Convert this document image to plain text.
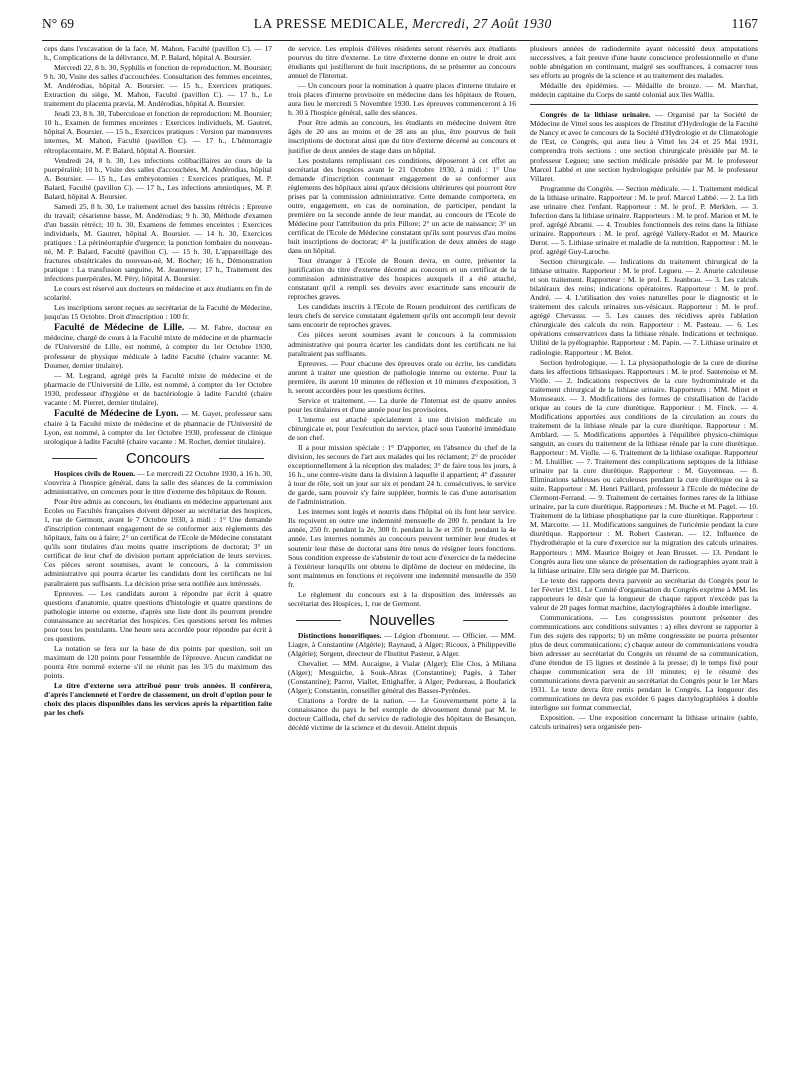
N° 69	LA PRESSE MEDICALE, Mercredi, 27 Août 1930	1167

ceps dans l'excavation de la face, M. Mahon, Faculté (pavillon C). — 17 h., Complications de la délivrance, M. P. Balard, hôpital A. Boursier.

Mercredi 22, 8 h. 30, Syphilis et fonction de reproduction, M. Boursier; 9 h. 30, Visite des salles d'accouchées. Consultation des femmes enceintes, M. Andérodias, hôpital A. Boursier. — 15 h., Exercices pratiques. Extraction du siège, M. Mahon, Faculté (pavillon C). — 17 h., Le traitement du placenta prævia, M. Andérodias, hôpital A. Boursier.

Jeudi 23, 8 h. 30, Tuberculose et fonction de reproduction; M. Boursier; 10 h., Examen de femmes enceintes : Exercices individuels, M. Gautret, hôpital A. Boursier. — 15 h., Exercices pratiques : Version par manœuvres internes, M. Mahon, Faculté (pavillon C). — 17 h., L'hémorragie rétroplacentaire, M. P. Balard, hôpital A. Boursier.

Vendredi 24, 8 h. 30, Les infections colibacillaires au cours de la puerpéralité; 10 h., Visite des salles d'accouchées, M. Andérodias, hôpital A. Boursier. — 15 h., Les embryotomies : Exercices pratiques, M. P. Balard, Faculté (pavillon C). — 17 h., Les infections amniotiques, M. P. Balard, hôpital A. Boursier.

Samedi 25, 8 h. 30, Le traitement actuel des bassins rétrécis : Epreuve du travail; césarienne basse, M. Andérodias; 9 h. 30, Méthode d'examen d'un bassin rétréci; 10 h. 30, Examens de femmes enceintes : Exercices individuels, M. Gautret, hôpital A. Boursier. — 14 h. 30, Exercices pratiques : La périnéorraphie d'urgence; la ponction lombaire du nouveau-né, M. P. Balard, Faculté (pavillon C). — 15 h. 30, L'appareillage des fractures obstétricales du nouveau-né, M. Rocher; 16 h., Démonstration pratique : La transfusion sanguine, M. Jeanneney; 17 h., Traitement des infections puerpérales, M. Péry, hôpital A. Boursier.

Le cours est réservé aux docteurs en médecine et aux étudiants en fin de scolarité.

Les inscriptions seront reçues au secrétariat de la Faculté de Médecine, jusqu'au 15 Octobre. Droit d'inscription : 100 fr.

Faculté de Médecine de Lille. — M. Fabre, docteur en médecine, chargé de cours à la Faculté mixte de médecine et de pharmacie de l'Université de Lille, est nommé, à compter du 1er Octobre 1930, professeur de physique médicale à ladite Faculté (chaire vacante: M. Doumer, dernier titulaire).

— M. Legrand, agrégé près la Faculté mixte de médecine et de pharmacie de l'Université de Lille, est nommé, à compter du 1er Octobre 1930, professeur d'hygiène et de bactériologie à ladite Faculté (chaire vacante : M. Pierret, dernier titulaire).

Faculté de Médecine de Lyon. — M. Gayet, professeur sans chaire à la Faculté mixte de médecine et de pharmacie de l'Université de Lyon, est nommé, à compter du 1er Octobre 1930, professeur de clinique urologique à ladite Faculté (chaire vacante : M. Rochet, dernier titulaire).

Concours

Hospices civils de Rouen. — Le mercredi 22 Octobre 1930, à 16 h. 30, s'ouvrira à l'hospice général, dans la salle des séances de la commission administrative, un concours pour le titre d'externe des hôpitaux de Rouen.

Pour être admis au concours, les étudiants en médecine appartenant aux Ecoles ou Facultés françaises doivent déposer au secrétariat des hospices, 1, rue de Germont, avant le 7 Octobre 1930, à midi : 1° Une demande d'inscription contenant engagement de se conformer aux règlements des hôpitaux, faits ou à faire; 2° un certificat de l'Ecole de Médecine constatant qu'ils sont titulaires d'au moins quatre inscriptions de doctorat; 3° un certificat de leur chef de division portant appréciation de leurs services. Ces pièces seront soumises, avant le concours, à la commission administrative qui pourra écarter les candidats dont les certificats ne lui paraîtraient pas suffisants. La décision prise sera notifiée aux intéressés.

Epreuves. — Les candidats auront à répondre par écrit à quatre questions d'anatomie, quatre questions d'histologie et quatre questions de pathologie interne ou externe, d'après une liste dont ils pourront prendre connaissance au secrétariat des hospices. Ces questions seront les mêmes pour tous les postulants. Une heure sera accordée pour répondre par écrit à ces questions.

La notation se fera sur la base de dix points par question, soit un maximum de 120 points pour l'ensemble de l'épreuve. Aucun candidat ne pourra être nommé externe s'il ne réunit pas les 3/5 du maximum des points.

Le titre d'externe sera attribué pour trois années. Il conférera, d'après l'ancienneté et l'ordre de classement, un droit d'option pour le choix des places disponibles dans les services après la répartition faite par les chefs

de service. Les emplois d'élèves résidents seront réservés aux étudiants pourvus du titre d'externe. Le titre d'externe donne en outre le droit aux étudiants qui justifieront de huit inscriptions, de se présenter au concours annuel de l'Internat.

— Un concours pour la nomination à quatre places d'interne titulaire et trois places d'interne provisoire en médecine dans les hôpitaux de Rouen, aura lieu le mercredi 5 Novembre 1930. Les épreuves commenceront à 16 h. 30 à l'hospice général, salle des séances.

Pour être admis au concours, les étudiants en médecine doivent être âgés de 20 ans au moins et de 28 ans au plus, être pourvus de huit inscriptions de doctorat ainsi que du titre d'externe décerné au concours et justifier de deux années de stage dans un hôpital.

Les postulants remplissant ces conditions, déposeront à cet effet au secrétariat des hospices avant le 21 Octobre 1930, à midi : 1° Une demande d'inscription contenant engagement de se conformer aux règlements des hôpitaux ainsi qu'aux décisions ultérieures qui pourront être prises par la commission administrative. Cette demande comportera, en outre, engagement, en cas de nomination, de participer, pendant la première ou la seconde année de leur mandat, au concours de l'Ecole de Médecine pour l'attribution du prix Pillore; 2° un acte de naissance; 3° un certificat de l'Ecole de Médecine constatant qu'ils sont pourvus d'au moins huit inscriptions de doctorat; 4° la justification de deux années de stage dans un hôpital.

Tout étranger à l'Ecole de Rouen devra, en outre, présenter la justification du titre d'externe décerné au concours et un certificat de la commission administrative des hospices auxquels il a été attaché, constatant qu'il a rempli ses devoirs avec exactitude sans encourir de reproches graves.

Les candidats inscrits à l'Ecole de Rouen produiront des certificats de leurs chefs de service constatant également qu'ils ont accompli leur devoir sans encourir de reproches graves.

Ces pièces seront soumises avant le concours à la commission administrative qui pourra écarter les candidats dont les certificats ne lui paraîtraient pas suffisants.

Epreuves. — Pour chacune des épreuves orale ou écrite, les candidats auront à traiter une question de pathologie interne ou externe. Pour la première, ils auront 10 minutes de réflexion et 10 minutes d'exposition, 3 h. seront accordées pour les questions écrites.

Service et traitement. — La durée de l'Internat est de quatre années pour les titulaires et d'une année pour les provisoires.

L'interne est attaché spécialement à une division médicale ou chirurgicale et, pour l'exécution du service, placé sous l'autorité immédiate de son chef.

Il a pour mission spéciale : 1° D'apporter, en l'absence du chef de la division, les secours de l'art aux malades qui les réclament; 2° de procéder exceptionnellement à la réception des malades; 3° de faire tous les jours, à 16 h., une contre-visite dans la division à laquelle il appartient; 4° d'assurer à tour de rôle, soit un jour sur six et pendant 24 h. consécutives, le service de garde, sans pouvoir s'y faire suppléer, hormis le cas d'une autorisation de l'administration.

Les internes sont logés et nourris dans l'hôpital où ils font leur service. Ils reçoivent en outre une indemnité mensuelle de 200 fr. pendant la 1re année, 250 fr. pendant la 2e, 300 fr. pendant la 3e et 350 fr. pendant la 4e année. Les internes nommés au concours peuvent terminer leur études et soutenir leur thèse de doctorat sans être tenus de résigner leurs fonctions. Sous condition expresse de s'abstenir de tout acte d'exercice de la médecine à l'extérieur lorsqu'ils ont obtenu le diplôme de docteur en médecine, ils sont maintenus en fonctions et reçoivent une indemnité mensuelle de 350 fr.

Le règlement du concours est à la disposition des intéressés au secrétariat des Hospices, 1, rue de Germont.

Nouvelles

Distinctions honorifiques. — Légion d'honneur. — Officier. — MM. Liagre, à Constantine (Algérie); Raynaud, à Alger; Ricoux, à Philippeville (Algérie); Sergent, directeur de l'Institut Pasteur, à Alger.

Chevalier. — MM. Aucaigne, à Vialar (Alger); Elie Clos, à Miliana (Alger); Mesguiche, à Souk-Ahras (Constantine); Pagès, à Taher (Constantine); Parrot, Viallet, Ettighaffer, à Alger; Pedureau, à Boufarick (Alger); Constantin, conseiller général des Basses-Pyrénées.

Citations a l'ordre de la nation. — Le Gouvernement porte à la connaissance du pays le bel exemple de dévouement donné par M. le docteur Cailloda, chef du service de radiologie des hôpitaux de Besançon, décédé victime de la science et du devoir. Atteint depuis

plusieurs années de radiodermite ayant nécessité deux amputations successives, a fait preuve d'une haute conscience professionnelle et d'une noble abnégation en continuant, malgré ses souffrances, à consacrer tous ses efforts au progrès de la science et au traitement des malades.

Médaille des épidémies. — Médaille de bronze. — M. Marchat, médecin capitaine du Corps de santé colonial aux îles Wallis.

Congrès de la lithiase urinaire. — Organisé par la Société de Médecine de Vittel sous les auspices de l'Institut d'Hydrologie de la Faculté de Nancy et avec le concours de la Société d'Hydrologie et de Climatologie de l'Est, ce Congrès, qui aura lieu à Vittel les 24 et 25 Mai 1931, comprendra trois sections : une section chirurgicale présidée par M. le professeur Legueu; une section médicale présidée par M. le professeur Marcel Labbé et une section hydrologique présidée par M. le professeur Villaret.

Programme du Congrès. — Section médicale. — 1. Traitement médical de la lithiase urinaire. Rapporteur : M. le prof. Marcel Labbé. — 2. La lith ase urinaire chez l'enfant. Rapporteur : M. le prof. P. Merklen. — 3. Infection dans la lithiase urinaire. Rapporteurs : M. le prof. Marion et M. le prof. agrégé Abrami. — 4. Troubles fonctionnels des reins dans la lithiase urinaire. Rapporteurs : M. le prof. agrégé Vallery-Radot et M. Maurice Derot. — 5. Lithiase urinaire et maladie de la nutrition. Rapporteur : M. le prof. agrégé Guy-Laroche.

Section chirurgicale. — Indications du traitement chirurgical de la lithiase urinaire. Rapporteur : M. le prof. Legueu. — 2. Anurie calculeuse et son traitement. Rapporteur : M. le prof. E. Jeanbrau. — 3. Les calculs bilatéraux des reins; indications opératoires. Rapporteur : M. le prof. André. — 4. L'utilisation des voies naturelles pour le diagnostic et le traitement des calculs urinaires sus-vésicaux. Rapporteur : M. le prof. agrégé Chevassu. — 5. Les causes des récidives après l'ablation chirurgicale des calculs du rein. Rapporteur : M. Pasteau. — 6. Les opérations conservatrices dans la lithiase rénale. Indications et technique. Utilité de la pyélographie. Rapporteur : M. Papin. — 7. Lithiase urinaire et radiologie. Rapporteur : M. Belot.

Section hydrologique. — 1. La physiopathologie de la cure de diurèse dans les affections lithiasiques. Rapporteurs : M. le prof. Santenoise et M. Violle. — 2. Indications respectives de la cure hydrominérale et du traitement chirurgical de la lithiase urinaire. Rapporteurs : MM. Minet et Monsseaux. — 3. Modifications des formes de cristallisation de l'acide urique au cours de la cure diurétique. Rapporteur : M. Finck. — 4. Modifications apportées aux conditions de la circulation au cours du traitement de la lithiase rénale par la cure diurétique. Rapporteur : M. Amblard. — 5. Modifications apportées à l'équilibre physico-chimique sanguin, au cours du traitement de la lithiase rénale par la cure diurétique. Rapporteur : M. Violle. — 6. Traitement de la lithiase oxalique. Rapporteur : M. Lhuillier. — 7. Traitement des complications septiques de la lithiase urinaire par la cure diurétique. Rapporteur : M. Guyonneau. — 8. Eliminations sableuses ou calculeuses pendant la cure diurétique ou à sa suite. Rapporteur : M. Henri Paillard, professeur à l'Ecole de médecine de Clermont-Ferrand. — 9. Traitement de certaines formes rares de la lithiase urinaire, par la cure diurétique. Rapporteurs : M. Buche et M. Pagel. — 10. Traitement de la lithiase phosphatique par la cure diurétique. Rapporteur : M. Marcotte. — 11. Modifications sanguines de l'uricémie pendant la cure diurétique. Rapporteur : M. Robert Casteran. — 12. Influence de l'hydrothérapie et la cure d'exercice sur la migration des calculs urinaires. Rapporteurs : MM. Maurice Boigey et Jean Brusset. — 13. Pendant le Congrès aura lieu une séance de présentation de radiographies ayant trait à la lithiase urinaire. Elle sera dirigée par M. Darricou.

Le texte des rapports devra parvenir au secrétariat du Congrès pour le 1er Février 1931. Le Comité d'organisation du Congrès exprime à MM. les rapporteurs le désir que la longueur de chaque rapport n'excède pas la valeur de 20 pages format machine, dactylographiées à double interligne.

Communications. — Les congressistes pourront présenter des communications aux conditions suivantes : a) elles devront se rapporter à l'un des sujets des rapports; b) un même congressiste ne pourra présenter plus de deux communications; c) chaque auteur de communications voudra bien adresser au secrétariat du Congrès un résumé de sa communication, d'une étendue de 15 lignes et destinée à la presse; d) le temps fixé pour chaque communication sera de 10 minutes; e) le résumé des communications devra parvenir au secrétariat du Congrès pour le 1er Mars 1931. Le texte devra être remis pendant le Congrès. La longueur des communications ne devra pas excéder 6 pages dactylographiées à double interligne sur format commercial.

Exposition. — Une exposition concernant la lithiase urinaire (sable, calculs urinaires) sera organisée pen-
